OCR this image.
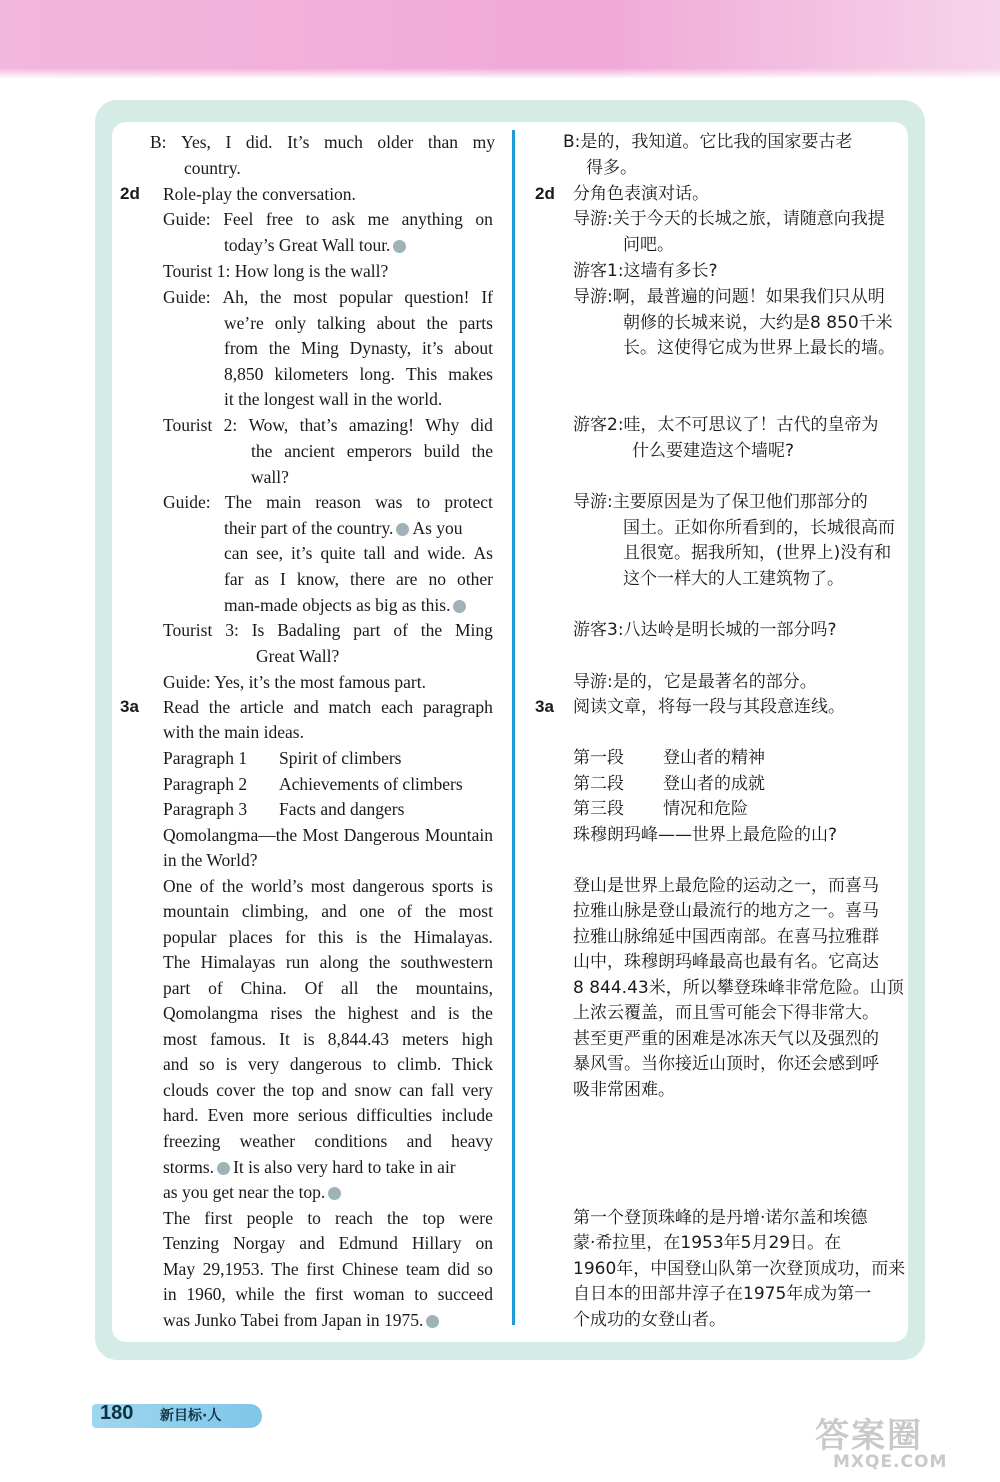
B: Yes, I did. It’s much older than my
country.
Role-play the conversation.
Guide: Feel free to ask me anything on
today’s Great Wall tour.
Tourist 1: How long is the wall?
Guide: Ah, the most popular question! If
we’re only talking about the parts
from the Ming Dynasty, it’s about
8,850 kilometers long. This makes
it the longest wall in the world.
Tourist 2: Wow, that’s amazing! Why did
the ancient emperors build the
wall?
Guide: The main reason was to protect
their part of the country. As you
can see, it’s quite tall and wide. As
far as I know, there are no other
man-made objects as big as this.
Tourist 3: Is Badaling part of the Ming
Great Wall?
Guide: Yes, it’s the most famous part.
Read the article and match each paragraph
with the main ideas.
Paragraph 1 Spirit of climbers
Paragraph 2 Achievements of climbers
Paragraph 3 Facts and dangers
Qomolangma—the Most Dangerous Mountain
in the World?
One of the world’s most dangerous sports is
mountain climbing, and one of the most
popular places for this is the Himalayas.
The Himalayas run along the southwestern
part of China. Of all the mountains,
Qomolangma rises the highest and is the
most famous. It is 8,844.43 meters high
and so is very dangerous to climb. Thick
clouds cover the top and snow can fall very
hard. Even more serious difficulties include
freezing weather conditions and heavy
storms. It is also very hard to take in air
as you get near the top.
The first people to reach the top were
Tenzing Norgay and Edmund Hillary on
May 29,1953. The first Chinese team did so
in 1960, while the first woman to succeed
was Junko Tabei from Japan in 1975.
B:是的，我知道。它比我的国家要古老
得多。
分角色表演对话。
导游:关于今天的长城之旅，请随意向我提
问吧。
游客1:这墙有多长?
导游:啊，最普遍的问题！如果我们只从明
朝修的长城来说，大约是8 850千米
长。这使得它成为世界上最长的墙。
游客2:哇，太不可思议了！古代的皇帝为
什么要建造这个墙呢?
导游:主要原因是为了保卫他们那部分的
国土。正如你所看到的，长城很高而
且很宽。据我所知，(世界上)没有和
这个一样大的人工建筑物了。
游客3:八达岭是明长城的一部分吗?
导游:是的，它是最著名的部分。
阅读文章，将每一段与其段意连线。
第一段 登山者的精神
第二段 登山者的成就
第三段 情况和危险
珠穆朗玛峰——世界上最危险的山?
登山是世界上最危险的运动之一，而喜马
拉雅山脉是登山最流行的地方之一。喜马
拉雅山脉绵延中国西南部。在喜马拉雅群
山中，珠穆朗玛峰最高也最有名。它高达
8 844.43米，所以攀登珠峰非常危险。山顶
上浓云覆盖，而且雪可能会下得非常大。
甚至更严重的困难是冰冻天气以及强烈的
暴风雪。当你接近山顶时，你还会感到呼
吸非常困难。
第一个登顶珠峰的是丹增·诺尔盖和埃德
蒙·希拉里，在1953年5月29日。在
1960年，中国登山队第一次登顶成功，而来
自日本的田部井淳子在1975年成为第一
个成功的女登山者。
2d
3a
2d
3a
180 新目标·人	答案圈
MXQE.COM
